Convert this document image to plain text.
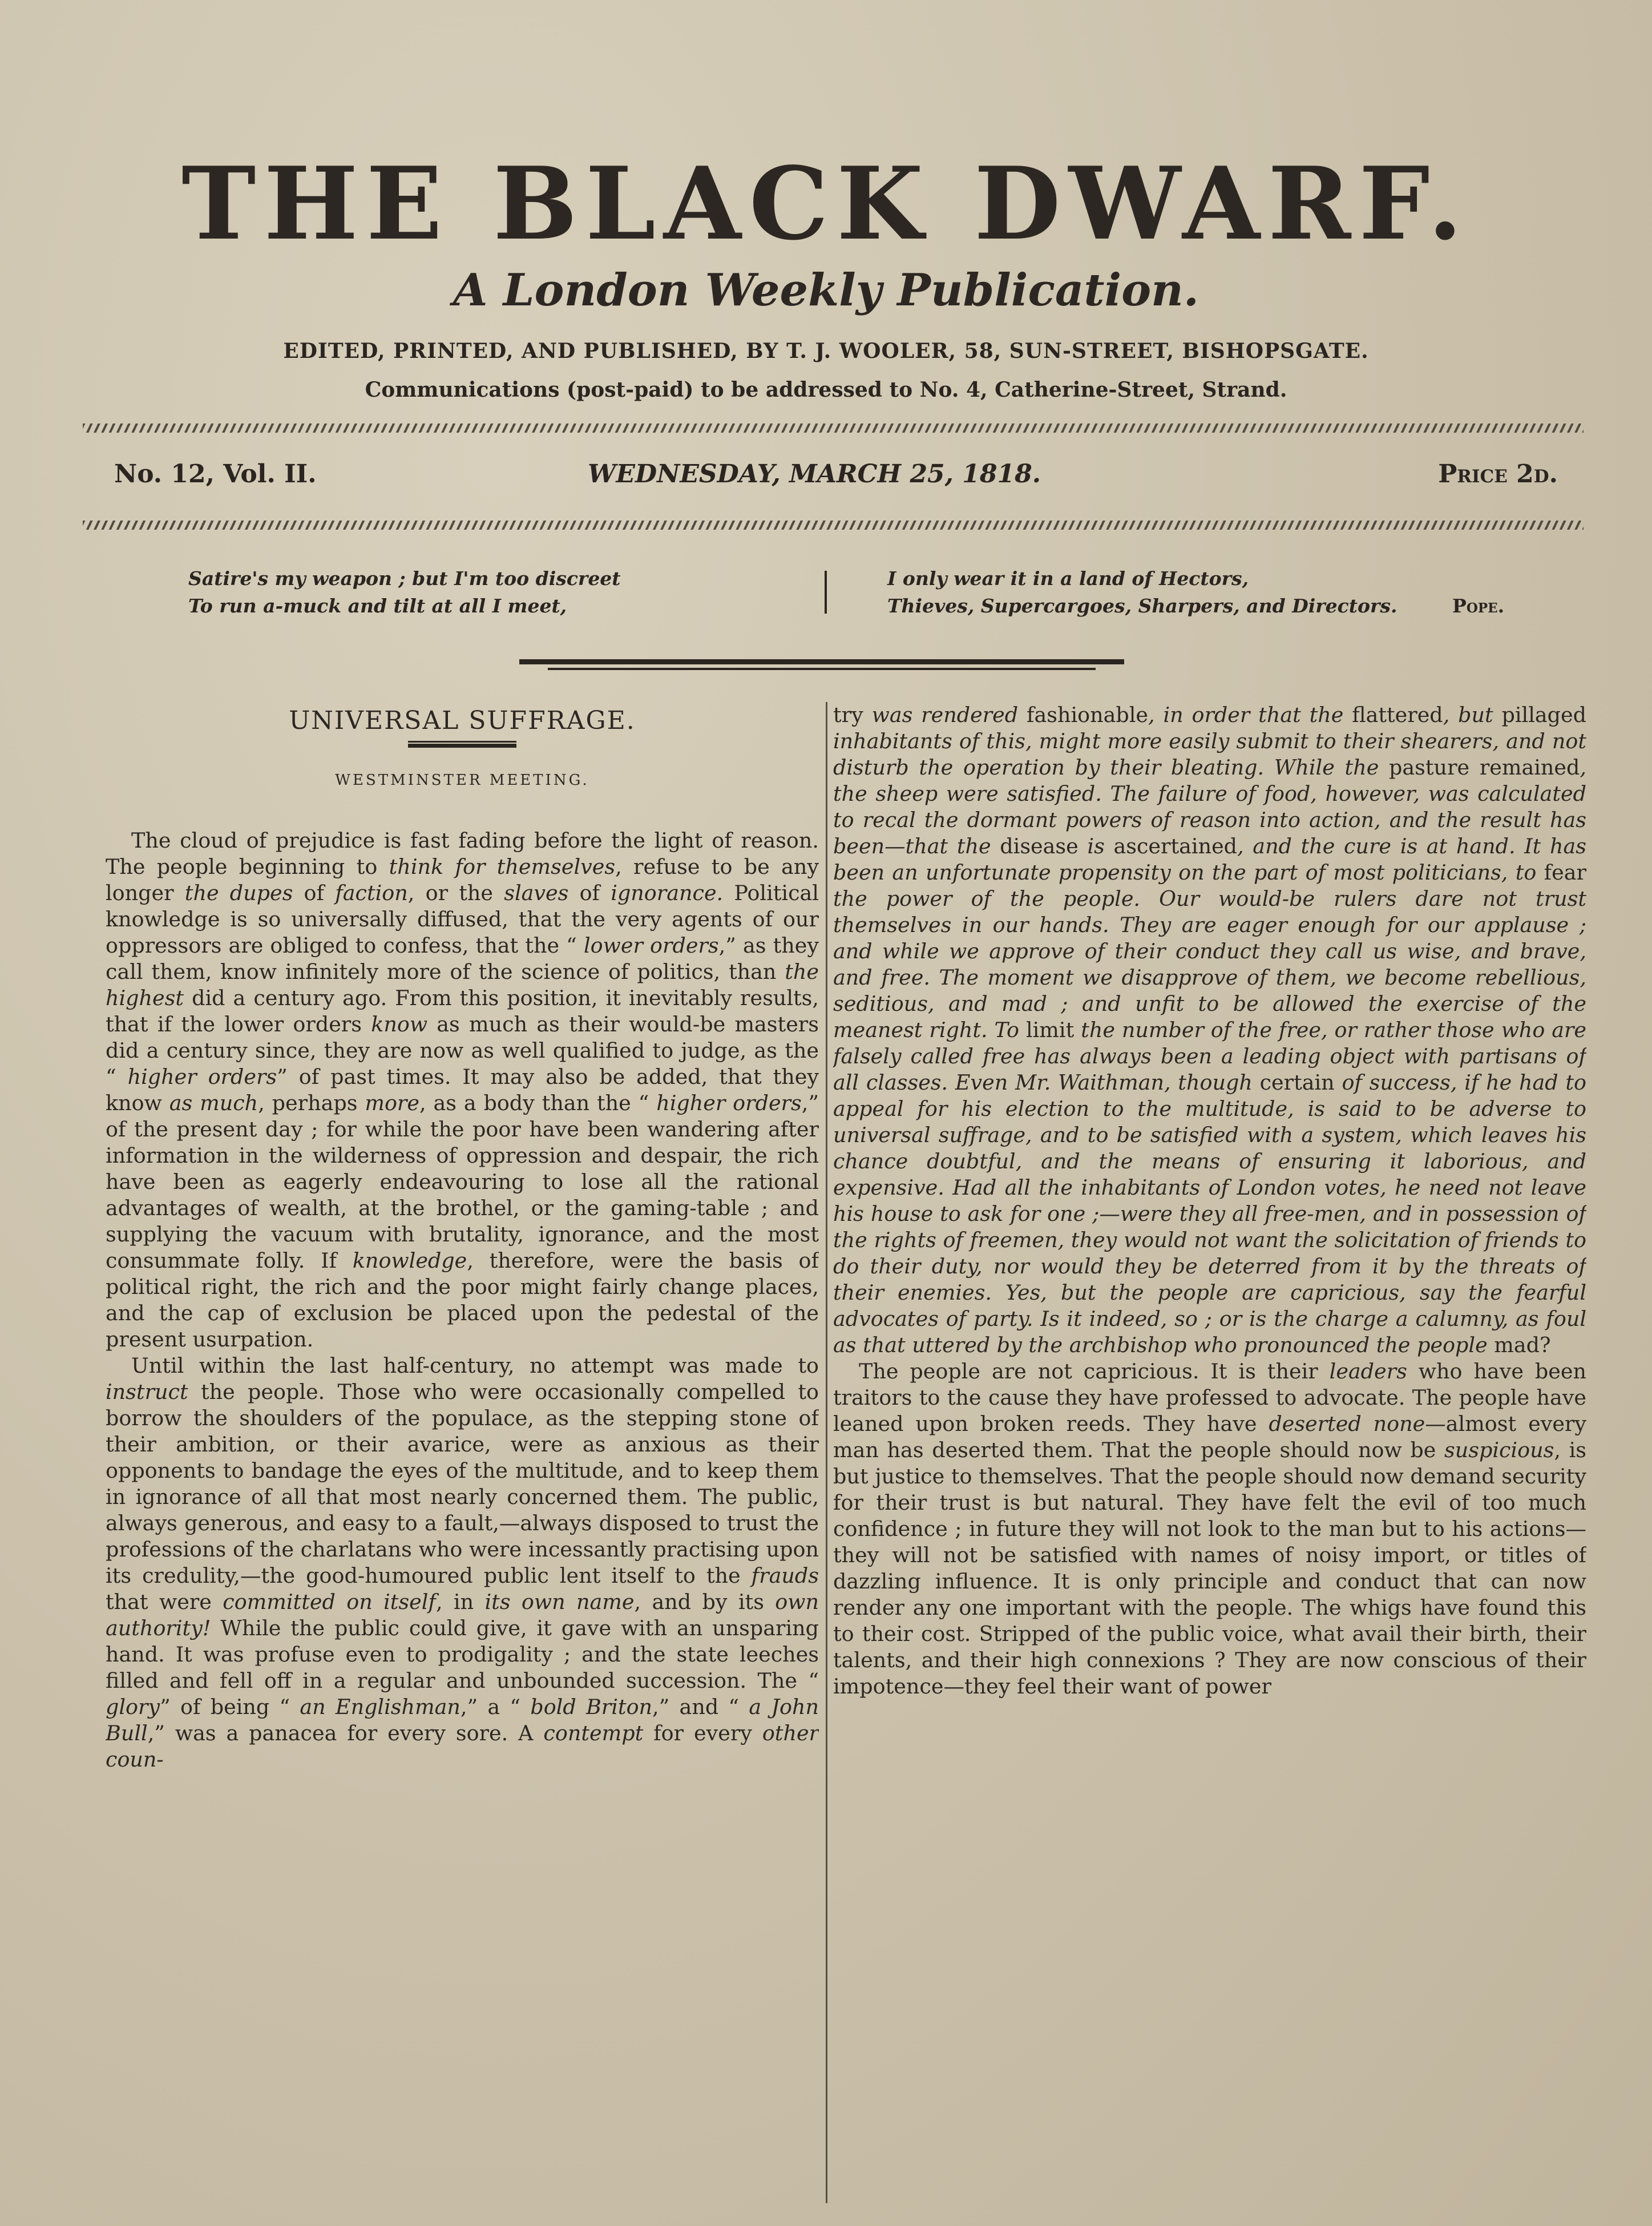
THE BLACK DWARF.
A London Weekly Publication.
EDITED, PRINTED, AND PUBLISHED, BY T. J. WOOLER, 58, SUN-STREET, BISHOPSGATE.
Communications (post-paid) to be addressed to No. 4, Catherine-Street, Strand.
No. 12, Vol. II.	WEDNESDAY, MARCH 25, 1818.	Price 2d.
Satire's my weapon ; but I'm too discreet
To run a-muck and tilt at all I meet,
I only wear it in a land of Hectors,
Thieves, Supercargoes, Sharpers, and Directors.	Pope.
UNIVERSAL SUFFRAGE.
WESTMINSTER MEETING.

The cloud of prejudice is fast fading before the light of reason. The people beginning to think for themselves, refuse to be any longer the dupes of faction, or the slaves of ignorance. Political knowledge is so universally diffused, that the very agents of our oppressors are obliged to confess, that the “ lower orders,” as they call them, know infinitely more of the science of politics, than the highest did a century ago. From this position, it inevitably results, that if the lower orders know as much as their would-be masters did a century since, they are now as well qualified to judge, as the “ higher orders” of past times. It may also be added, that they know as much, perhaps more, as a body than the “ higher orders,” of the present day ; for while the poor have been wandering after information in the wilderness of oppression and despair, the rich have been as eagerly endeavouring to lose all the rational advantages of wealth, at the brothel, or the gaming-table ; and supplying the vacuum with brutality, ignorance, and the most consummate folly. If knowledge, therefore, were the basis of political right, the rich and the poor might fairly change places, and the cap of exclusion be placed upon the pedestal of the present usurpation.

Until within the last half-century, no attempt was made to instruct the people. Those who were occasionally compelled to borrow the shoulders of the populace, as the stepping stone of their ambition, or their avarice, were as anxious as their opponents to bandage the eyes of the multitude, and to keep them in ignorance of all that most nearly concerned them. The public, always generous, and easy to a fault,—always disposed to trust the professions of the charlatans who were incessantly practising upon its credulity,—the good-humoured public lent itself to the frauds that were committed on itself, in its own name, and by its own authority! While the public could give, it gave with an unsparing hand. It was profuse even to prodigality ; and the state leeches filled and fell off in a regular and unbounded succession. The “ glory” of being “ an Englishman,” a “ bold Briton,” and “ a John Bull,” was a panacea for every sore. A contempt for every other coun-

try was rendered fashionable, in order that the flattered, but pillaged inhabitants of this, might more easily submit to their shearers, and not disturb the operation by their bleating. While the pasture remained, the sheep were satisfied. The failure of food, however, was calculated to recal the dormant powers of reason into action, and the result has been—that the disease is ascertained, and the cure is at hand. It has been an unfortunate propensity on the part of most politicians, to fear the power of the people. Our would-be rulers dare not trust themselves in our hands. They are eager enough for our applause ; and while we approve of their conduct they call us wise, and brave, and free. The moment we disapprove of them, we become rebellious, seditious, and mad ; and unfit to be allowed the exercise of the meanest right. To limit the number of the free, or rather those who are falsely called free has always been a leading object with partisans of all classes. Even Mr. Waithman, though certain of success, if he had to appeal for his election to the multitude, is said to be adverse to universal suffrage, and to be satisfied with a system, which leaves his chance doubtful, and the means of ensuring it laborious, and expensive. Had all the inhabitants of London votes, he need not leave his house to ask for one ;—were they all free-men, and in possession of the rights of freemen, they would not want the solicitation of friends to do their duty, nor would they be deterred from it by the threats of their enemies. Yes, but the people are capricious, say the fearful advocates of party. Is it indeed, so ; or is the charge a calumny, as foul as that uttered by the archbishop who pronounced the people mad?

The people are not capricious. It is their leaders who have been traitors to the cause they have professed to advocate. The people have leaned upon broken reeds. They have deserted none—almost every man has deserted them. That the people should now be suspicious, is but justice to themselves. That the people should now demand security for their trust is but natural. They have felt the evil of too much confidence ; in future they will not look to the man but to his actions—they will not be satisfied with names of noisy import, or titles of dazzling influence. It is only principle and conduct that can now render any one important with the people. The whigs have found this to their cost. Stripped of the public voice, what avail their birth, their talents, and their high connexions ? They are now conscious of their impotence—they feel their want of power
